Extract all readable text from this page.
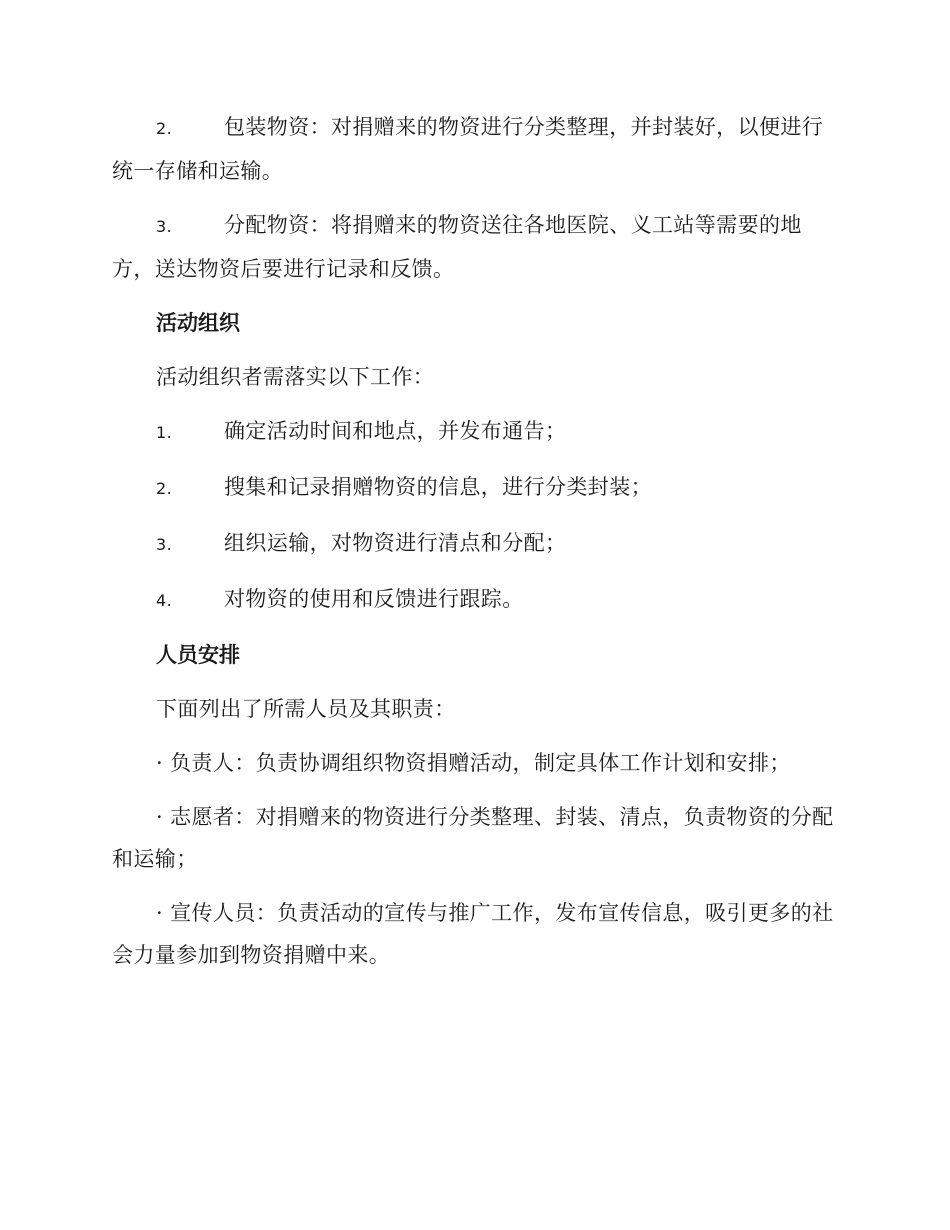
2. 包装物资：对捐赠来的物资进行分类整理，并封装好，以便进行统一存储和运输。

3. 分配物资：将捐赠来的物资送往各地医院、义工站等需要的地方，送达物资后要进行记录和反馈。

活动组织

活动组织者需落实以下工作：

1. 确定活动时间和地点，并发布通告；

2. 搜集和记录捐赠物资的信息，进行分类封装；

3. 组织运输，对物资进行清点和分配；

4. 对物资的使用和反馈进行跟踪。

人员安排

下面列出了所需人员及其职责：

· 负责人：负责协调组织物资捐赠活动，制定具体工作计划和安排；

· 志愿者：对捐赠来的物资进行分类整理、封装、清点，负责物资的分配和运输；

· 宣传人员：负责活动的宣传与推广工作，发布宣传信息，吸引更多的社会力量参加到物资捐赠中来。
